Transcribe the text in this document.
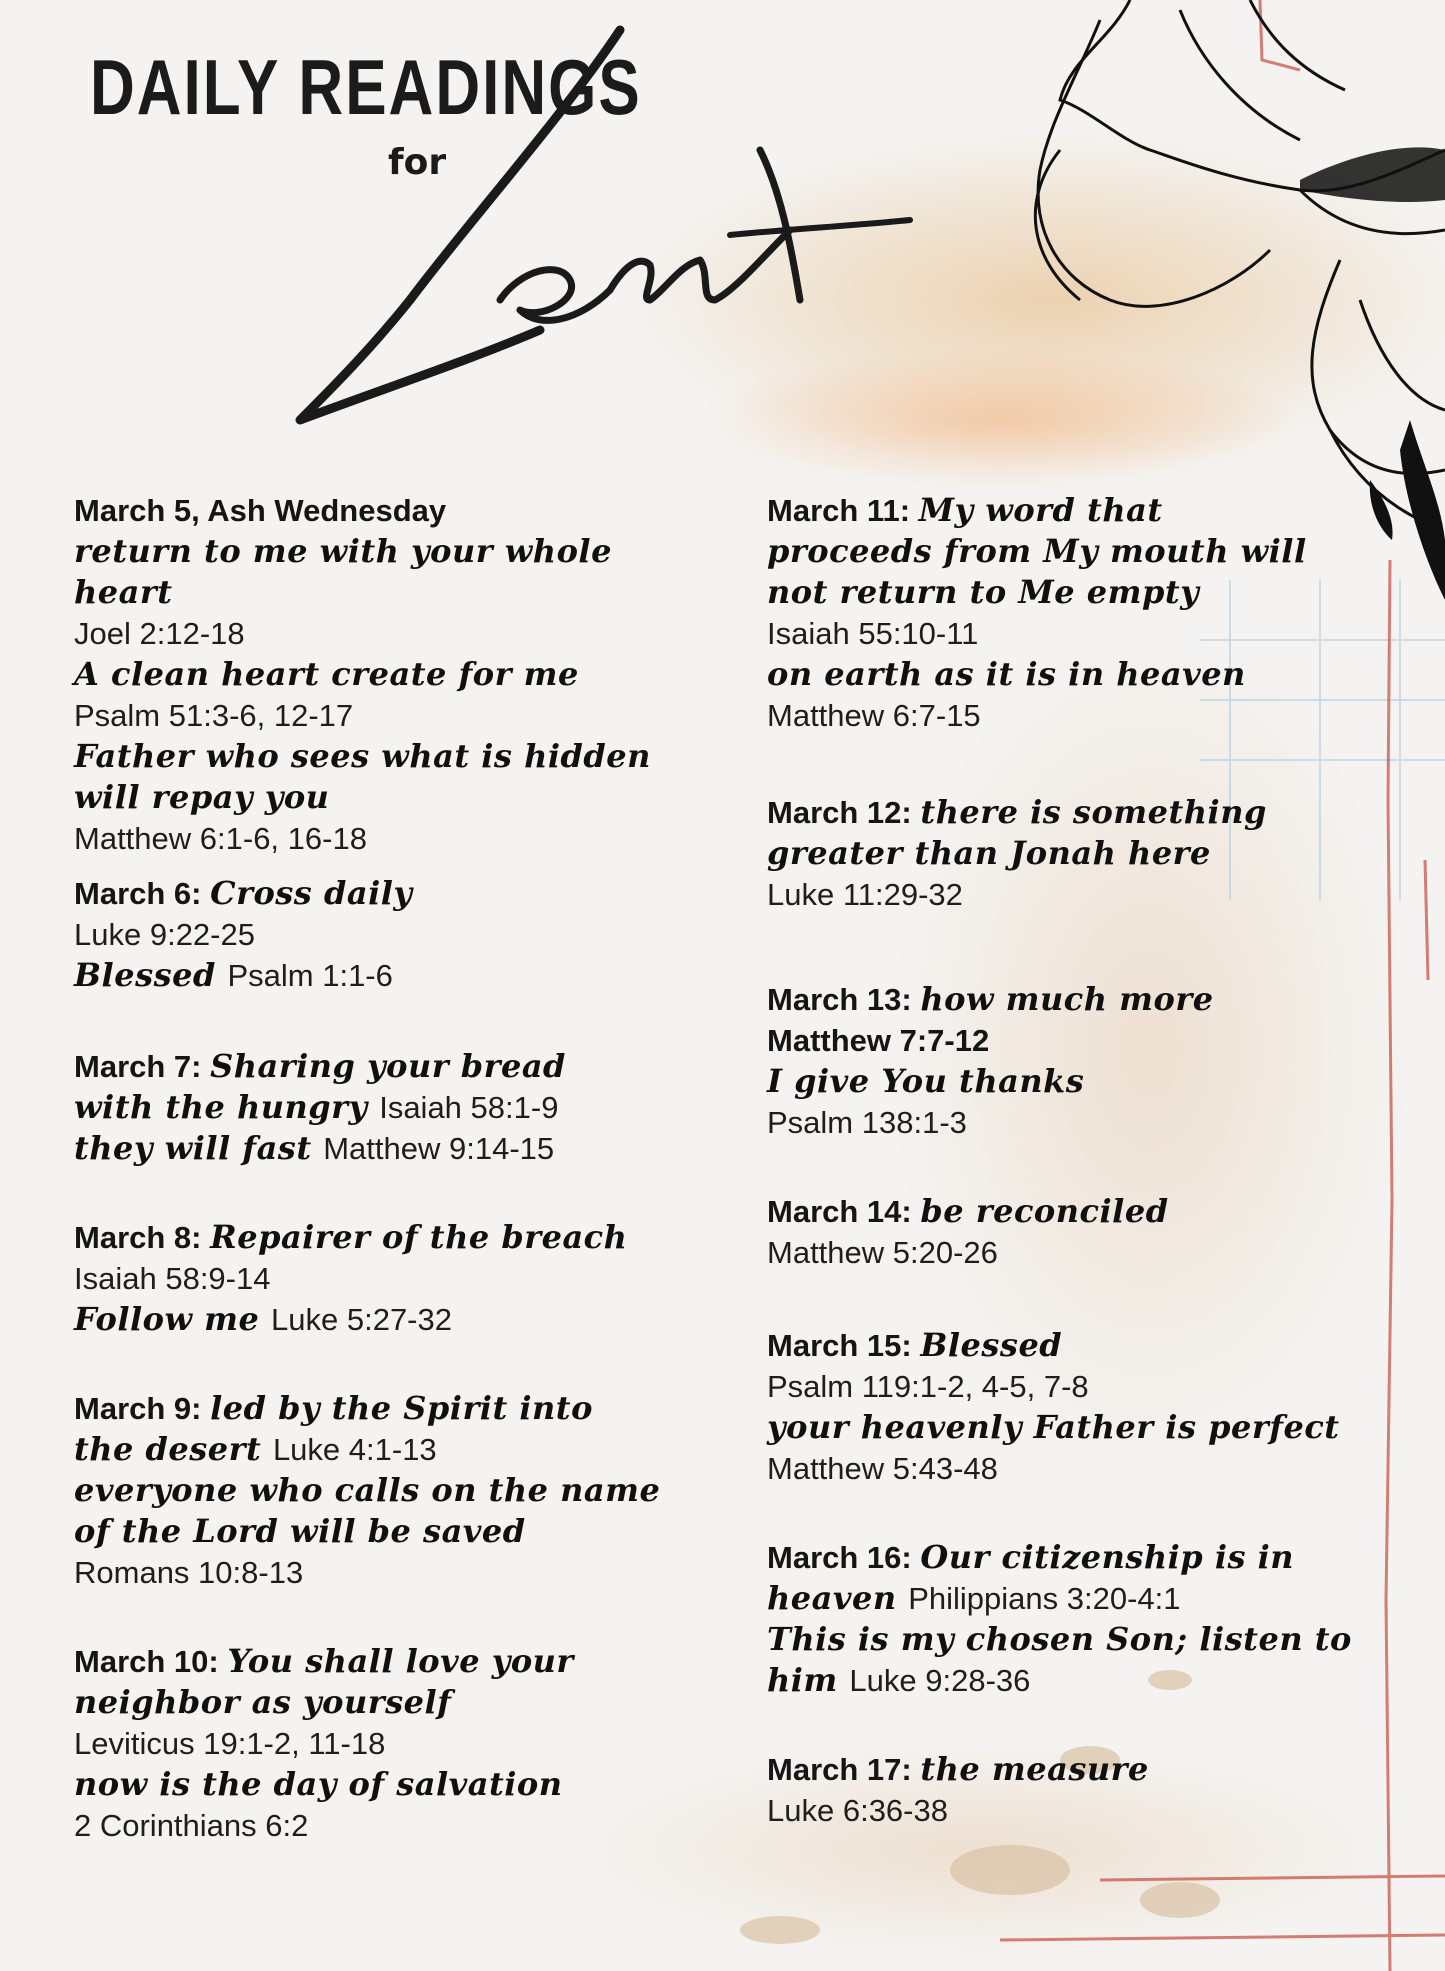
DAILY READINGS
for
March 5, Ash Wednesday
return to me with your whole
heart
Joel 2:12-18
A clean heart create for me
Psalm 51:3-6, 12-17
Father who sees what is hidden
will repay you
Matthew 6:1-6, 16-18
March 6: Cross daily
Luke 9:22-25
Blessed Psalm 1:1-6
March 7: Sharing your bread
with the hungry Isaiah 58:1-9
they will fast Matthew 9:14-15
March 8: Repairer of the breach
Isaiah 58:9-14
Follow me Luke 5:27-32
March 9: led by the Spirit into
the desert Luke 4:1-13
everyone who calls on the name
of the Lord will be saved
Romans 10:8-13
March 10: You shall love your
neighbor as yourself
Leviticus 19:1-2, 11-18
now is the day of salvation
2 Corinthians 6:2
March 11: My word that
proceeds from My mouth will
not return to Me empty
Isaiah 55:10-11
on earth as it is in heaven
Matthew 6:7-15
March 12: there is something
greater than Jonah here
Luke 11:29-32
March 13: how much more
Matthew 7:7-12
I give You thanks
Psalm 138:1-3
March 14: be reconciled
Matthew 5:20-26
March 15: Blessed
Psalm 119:1-2, 4-5, 7-8
your heavenly Father is perfect
Matthew 5:43-48
March 16: Our citizenship is in
heaven Philippians 3:20-4:1
This is my chosen Son; listen to
him Luke 9:28-36
March 17: the measure
Luke 6:36-38
